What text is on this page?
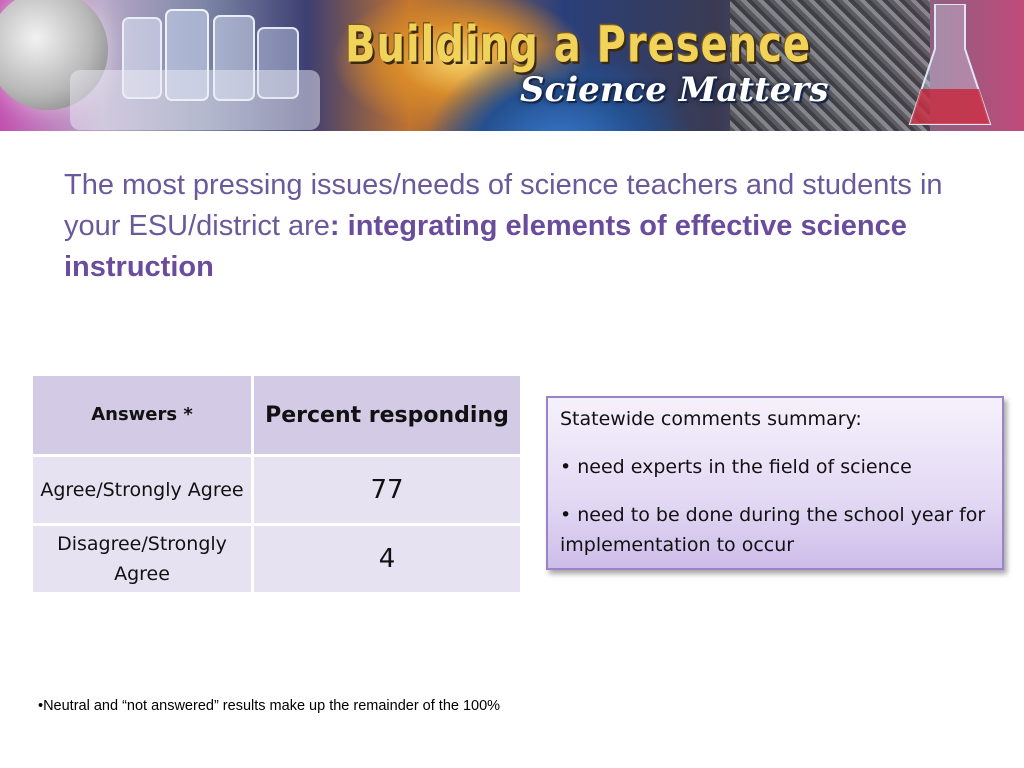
Building a Presence
Science Matters
The most pressing issues/needs of science teachers and students in your ESU/district are: integrating elements of effective science instruction
Answers *	Percent responding
Agree/Strongly Agree	77
Disagree/Strongly Agree	4

Statewide comments summary:

• need experts in the field of science

• need to be done during the school year for implementation to occur

•Neutral and “not answered” results make up the remainder of the 100%
